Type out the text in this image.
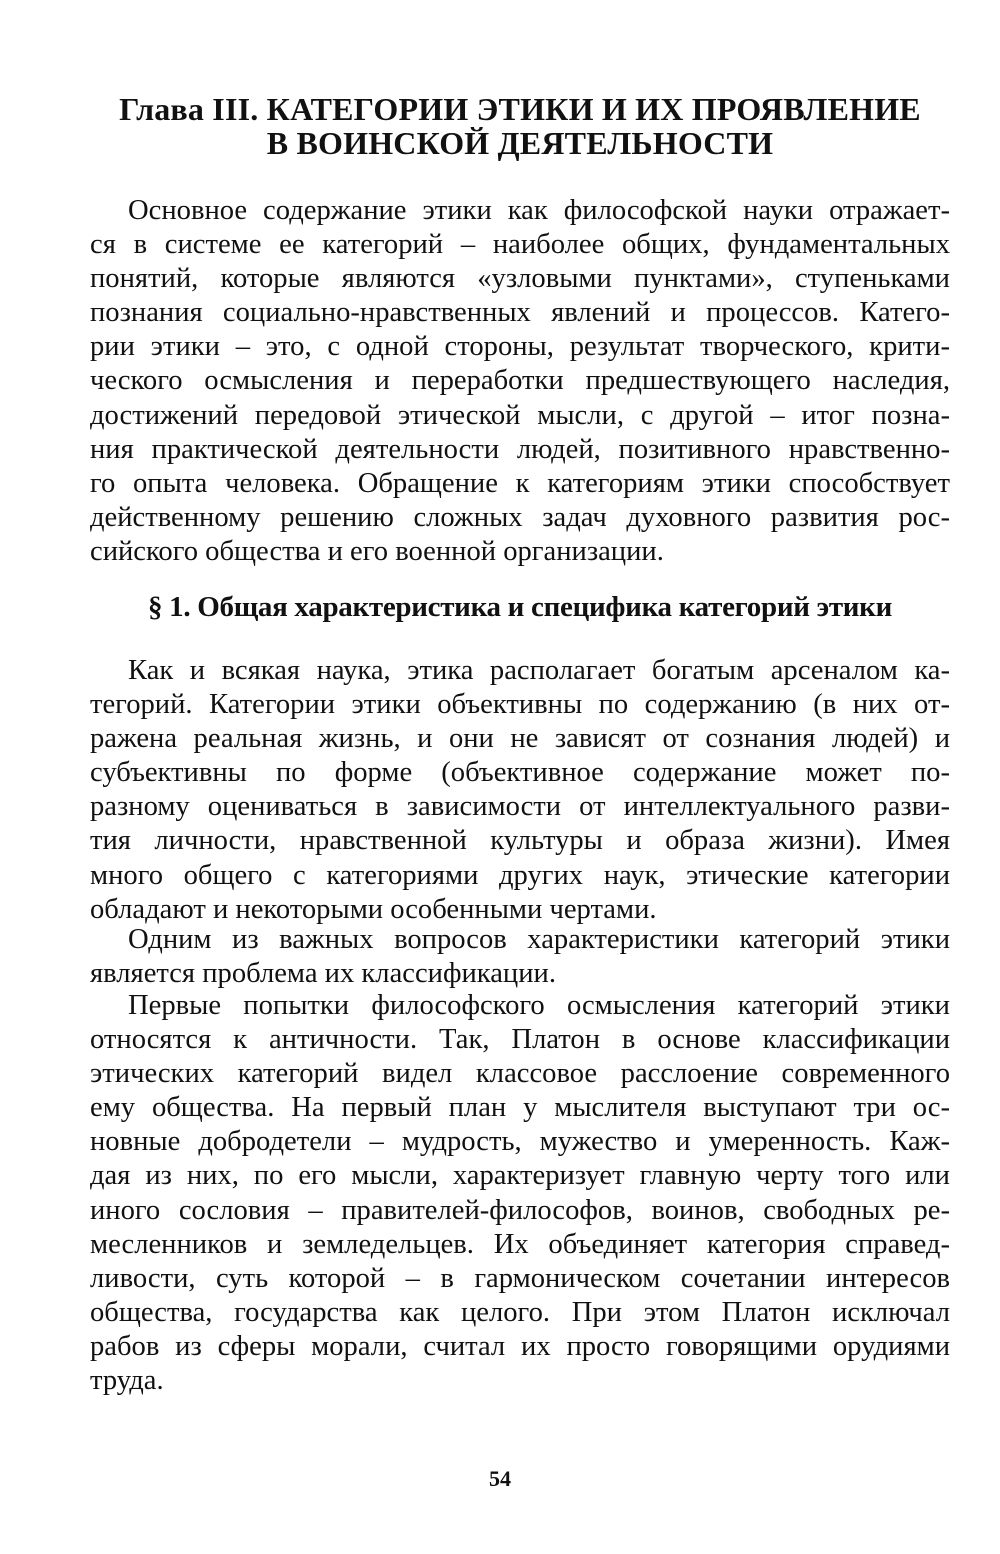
Глава III. КАТЕГОРИИ ЭТИКИ И ИХ ПРОЯВЛЕНИЕ
В ВОИНСКОЙ ДЕЯТЕЛЬНОСТИ

Основное содержание этики как философской науки отражает-
ся в системе ее категорий – наиболее общих, фундаментальных
понятий, которые являются «узловыми пунктами», ступеньками
познания социально-нравственных явлений и процессов. Катего-
рии этики – это, с одной стороны, результат творческого, крити-
ческого осмысления и переработки предшествующего наследия,
достижений передовой этической мысли, с другой – итог позна-
ния практической деятельности людей, позитивного нравственно-
го опыта человека. Обращение к категориям этики способствует
действенному решению сложных задач духовного развития рос-
сийского общества и его военной организации.

§ 1. Общая характеристика и специфика категорий этики

Как и всякая наука, этика располагает богатым арсеналом ка-
тегорий. Категории этики объективны по содержанию (в них от-
ражена реальная жизнь, и они не зависят от сознания людей) и
субъективны по форме (объективное содержание может по-
разному оцениваться в зависимости от интеллектуального разви-
тия личности, нравственной культуры и образа жизни). Имея
много общего с категориями других наук, этические категории
обладают и некоторыми особенными чертами.

Одним из важных вопросов характеристики категорий этики
является проблема их классификации.

Первые попытки философского осмысления категорий этики
относятся к античности. Так, Платон в основе классификации
этических категорий видел классовое расслоение современного
ему общества. На первый план у мыслителя выступают три ос-
новные добродетели – мудрость, мужество и умеренность. Каж-
дая из них, по его мысли, характеризует главную черту того или
иного сословия – правителей-философов, воинов, свободных ре-
месленников и земледельцев. Их объединяет категория справед-
ливости, суть которой – в гармоническом сочетании интересов
общества, государства как целого. При этом Платон исключал
рабов из сферы морали, считал их просто говорящими орудиями
труда.

54
